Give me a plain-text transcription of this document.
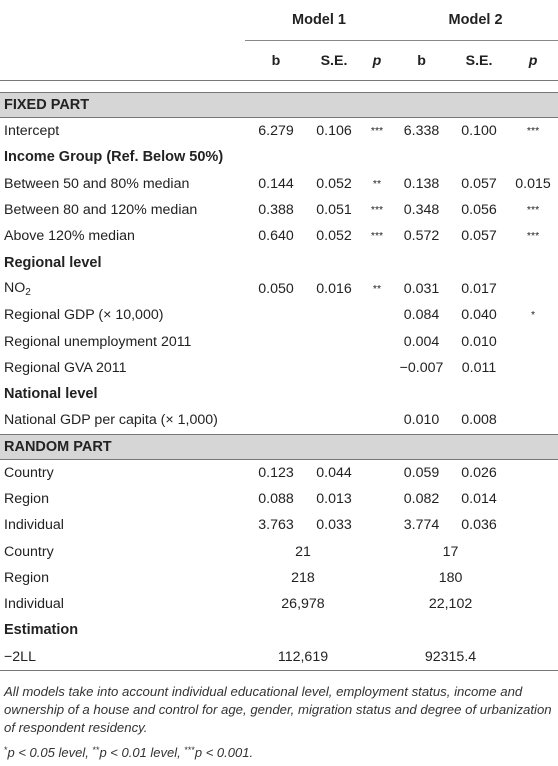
	Model 1			Model 2		
	b	S.E.	p	b	S.E.	p

FIXED PART						
Intercept	6.279	0.106	***	6.338	0.100	***
Income Group (Ref. Below 50%)						
Between 50 and 80% median	0.144	0.052	**	0.138	0.057	0.015
Between 80 and 120% median	0.388	0.051	***	0.348	0.056	***
Above 120% median	0.640	0.052	***	0.572	0.057	***
Regional level						
$NO_2$	0.050	0.016	**	0.031	0.017	
Regional GDP (× 10,000)				0.084	0.040	*
Regional unemployment 2011				0.004	0.010	
Regional GVA 2011				−0.007	0.011	
National level						
National GDP per capita (× 1,000)				0.010	0.008	
RANDOM PART						
Country	0.123	0.044		0.059	0.026	
Region	0.088	0.013		0.082	0.014	
Individual	3.763	0.033		3.774	0.036	
Country	21			17		
Region	218			180		
Individual	26,978			22,102		
Estimation						
−2LL	112,619			92315.4		
All models take into account individual educational level, employment status, income and ownership of a house and control for age, gender, migration status and degree of urbanization of respondent residency.
*p < 0.05 level, **p < 0.01 level, ***p < 0.001.
